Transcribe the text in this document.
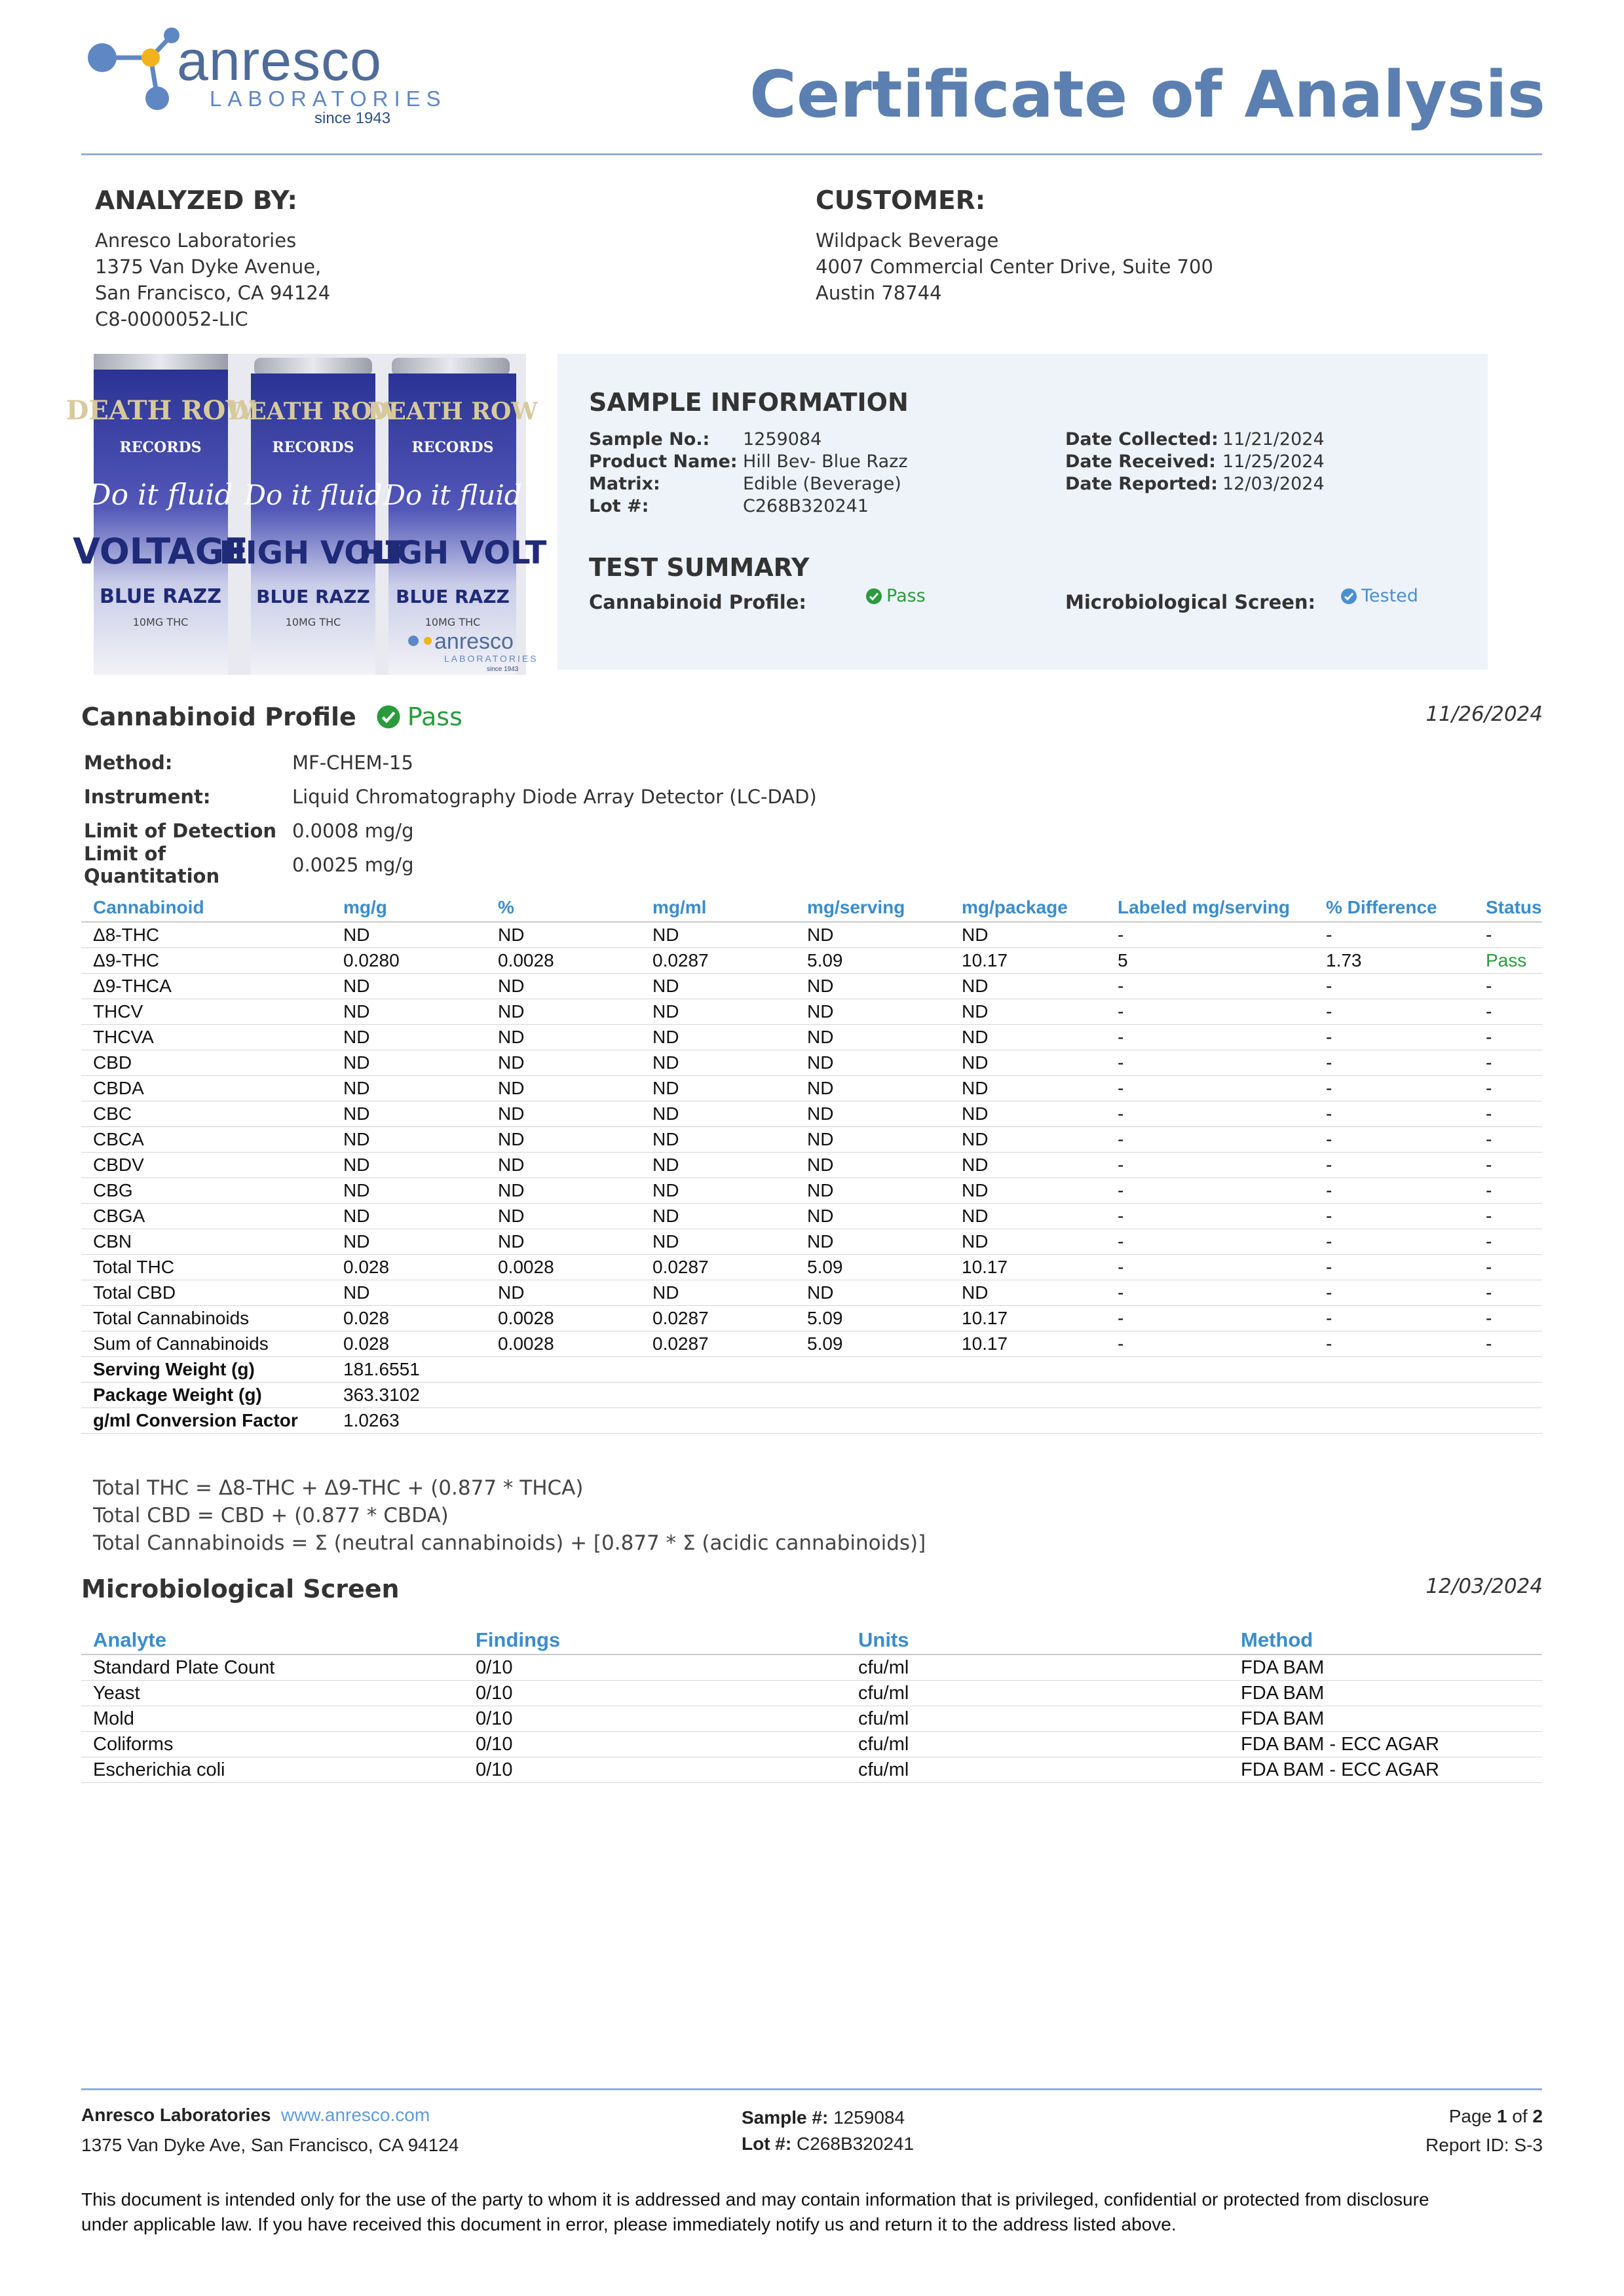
anresco
LABORATORIES
since 1943	Certificate of Analysis
ANALYZED BY:
Anresco Laboratories
1375 Van Dyke Avenue,
San Francisco, CA 94124
C8-0000052-LIC
CUSTOMER:
Wildpack Beverage
4007 Commercial Center Drive, Suite 700
Austin 78744
DEATH ROW
DEATH ROW
DEATH ROW
RECORDS	RECORDS	RECORDS
Do it fluid Do it fluid Do it fluid
VOLTAGE
HIGH VOLT
HIGH VOLT
BLUE RAZZ BLUE RAZZ BLUE RAZZ
10MG THC	10MG THC	10MG THC
anresco
LABORATORIES
since 1943
SAMPLE INFORMATION
Sample No.:	1259084
Product Name: Hill Bev- Blue Razz
Matrix:	Edible (Beverage)
Lot #:	C268B320241
Date Collected: 11/21/2024
Date Received: 11/25/2024
Date Reported: 12/03/2024
TEST SUMMARY
Cannabinoid Profile:	Pass	Microbiological Screen:	Tested
Cannabinoid Profile Pass	11/26/2024
Method:	MF-CHEM-15
Instrument:	Liquid Chromatography Diode Array Detector (LC-DAD)
Limit of Detection 0.0008 mg/g
Limit of Quantitation	0.0025 mg/g
Cannabinoid	mg/g	%	mg/ml	mg/serving	mg/package	Labeled mg/serving	% Difference	Status
Δ8-THC	ND	ND	ND	ND	ND	-	-	-
Δ9-THC	0.0280	0.0028	0.0287	5.09	10.17	5	1.73	Pass
Δ9-THCA	ND	ND	ND	ND	ND	-	-	-
THCV	ND	ND	ND	ND	ND	-	-	-
THCVA	ND	ND	ND	ND	ND	-	-	-
CBD	ND	ND	ND	ND	ND	-	-	-
CBDA	ND	ND	ND	ND	ND	-	-	-
CBC	ND	ND	ND	ND	ND	-	-	-
CBCA	ND	ND	ND	ND	ND	-	-	-
CBDV	ND	ND	ND	ND	ND	-	-	-
CBG	ND	ND	ND	ND	ND	-	-	-
CBGA	ND	ND	ND	ND	ND	-	-	-
CBN	ND	ND	ND	ND	ND	-	-	-
Total THC	0.028	0.0028	0.0287	5.09	10.17	-	-	-
Total CBD	ND	ND	ND	ND	ND	-	-	-
Total Cannabinoids	0.028	0.0028	0.0287	5.09	10.17	-	-	-
Sum of Cannabinoids	0.028	0.0028	0.0287	5.09	10.17	-	-	-
Serving Weight (g)	181.6551							
Package Weight (g)	363.3102							
g/ml Conversion Factor	1.0263							
Total THC = Δ8-THC + Δ9-THC + (0.877 * THCA)
Total CBD = CBD + (0.877 * CBDA)
Total Cannabinoids = Σ (neutral cannabinoids) + [0.877 * Σ (acidic cannabinoids)]
Microbiological Screen	12/03/2024
Analyte	Findings	Units	Method
Standard Plate Count	0/10	cfu/ml	FDA BAM
Yeast	0/10	cfu/ml	FDA BAM
Mold	0/10	cfu/ml	FDA BAM
Coliforms	0/10	cfu/ml	FDA BAM - ECC AGAR
Escherichia coli	0/10	cfu/ml	FDA BAM - ECC AGAR
Anresco Laboratories www.anresco.com
1375 Van Dyke Ave, San Francisco, CA 94124
Sample #: 1259084
Lot #: C268B320241
Page 1 of 2
Report ID: S-3
This document is intended only for the use of the party to whom it is addressed and may contain information that is privileged, confidential or protected from disclosure
under applicable law. If you have received this document in error, please immediately notify us and return it to the address listed above.
